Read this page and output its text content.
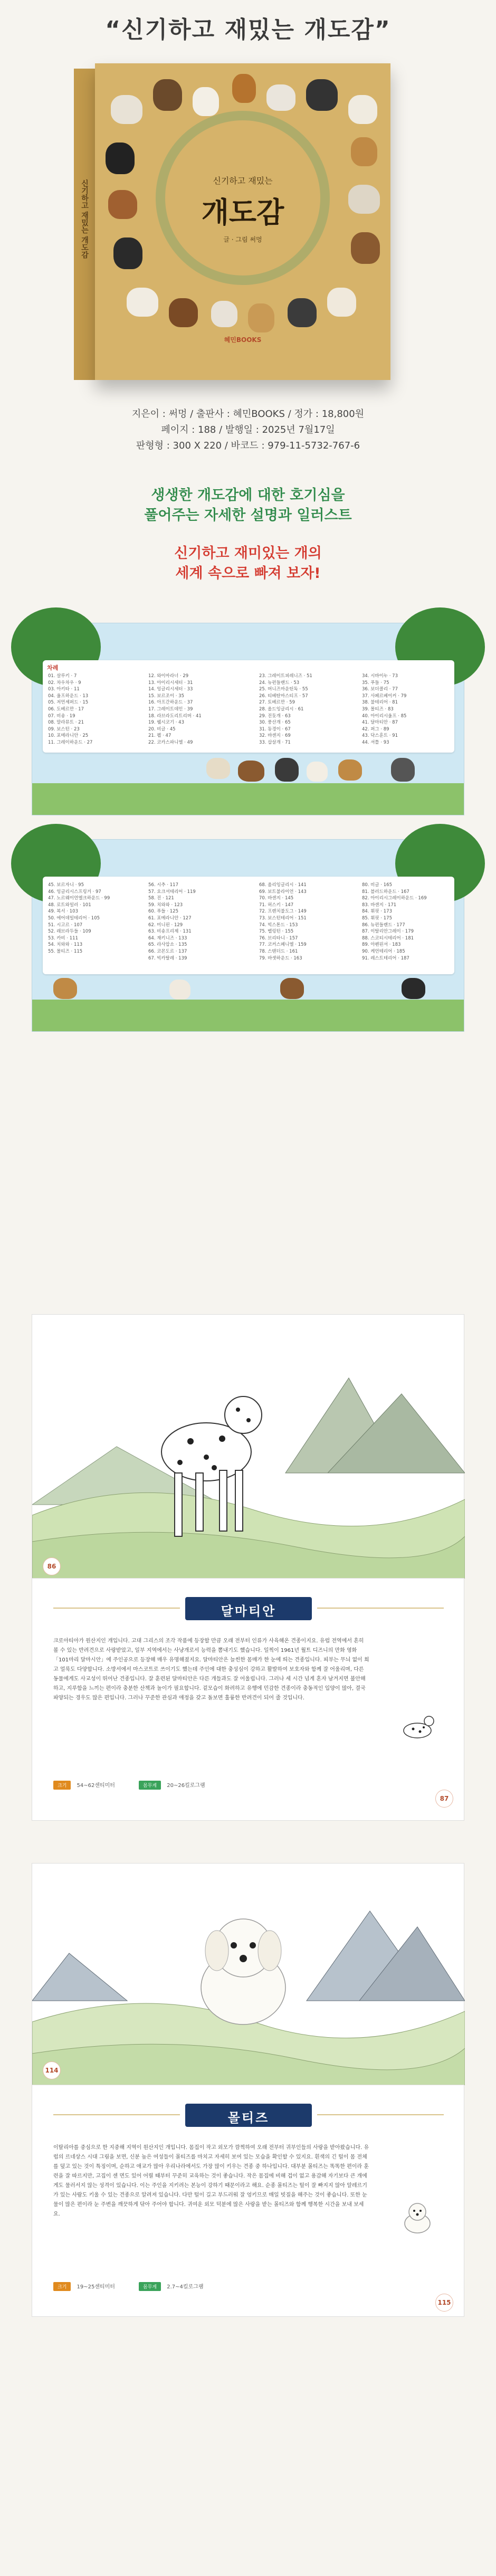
“신기하고 재밌는 개도감”
신기하고 재밌는 개도감	신기하고 재밌는
개도감
글 · 그림 써멍
혜민BOOKS
지은이 : 써멍 / 출판사 : 혜민BOOKS / 정가 : 18,800원
페이지 : 188 / 발행일 : 2025년 7월17일
판형형 : 300 X 220 / 바코드 : 979-11-5732-767-6
생생한 개도감에 대한 호기심을
풀어주는 자세한 설명과 일러스트
신기하고 재미있는 개의
세계 속으로 빠져 보자!
차례
01. 살루키 · 7
02. 차우차우 · 9
03. 아키타 · 11
04. 울프하운드 · 13
05. 저먼셰퍼드 · 15
06. 도베르만 · 17
07. 비숑 · 19
08. 말라뮤트 · 21
09. 보스턴 · 23
10. 포메라니안 · 25
11. 그레이하운드 · 27
12. 와이마라너 · 29
13. 아이리시세터 · 31
14. 잉글리시세터 · 33
15. 보르조이 · 35
16. 아프간하운드 · 37
17. 그레이트데인 · 39
18. 라브라도리트리버 · 41
19. 웰시코기 · 43
20. 비글 · 45
21. 펠 · 47
22. 코카스파니엘 · 49
23. 그레이트피레니즈 · 51
24. 뉴펀들랜드 · 53
25. 버니즈마운틴독 · 55
26. 티베탄마스티프 · 57
27. 토베르만 · 59
28. 올드잉글리시 · 61
29. 진돗개 · 63
30. 풍산개 · 65
31. 동경이 · 67
32. 바센지 · 69
33. 삽살개 · 71
34. 시바이누 · 73
35. 푸들 · 75
36. 보더콜리 · 77
37. 사페르베이커 · 79
38. 불테리어 · 81
39. 몰티즈 · 83
40. 아이리시울프 · 85
41. 달마티안 · 87
42. 퍼그 · 89
43. 닥스훈트 · 91
44. 셔틀 · 93
45. 보르자니 · 95
46. 잉글리시스프링거 · 97
47. 노르웨이언엘크하운드 · 99
48. 로트와일러 · 101
49. 복서 · 103
50. 에어데일테리어 · 105
51. 시고르 · 107
52. 래브라두들 · 109
53. 카비 · 111
54. 치와와 · 113
55. 몰티즈 · 115
56. 시추 · 117
57. 요크셔테리어 · 119
58. 진 · 121
59. 치와와 · 123
60. 푸들 · 125
61. 포메라니안 · 127
62. 미니핀 · 129
63. 비숑프리제 · 131
64. 재키니즈 · 133
65. 라사압소 · 135
66. 코몬도르 · 137
67. 빅카탈레 · 139
68. 올리잉글리시 · 141
69. 보트불라이언 · 143
70. 바센지 · 145
71. 허스키 · 147
72. 프렌치불도그 · 149
73. 보스턴테리어 · 151
74. 빅스톤드 · 153
75. 벨링턴 · 155
76. 브리타니 · 157
77. 코커스페니엘 · 159
78. 스탠더드 · 161
79. 바셋하운드 · 163
80. 비글 · 165
81. 블러드하운드 · 167
82. 아이리시그레이하운드 · 169
83. 바센지 · 171
84. 휘핏 · 173
85. 휘핏 · 175
86. 뉴펀들랜드 · 177
87. 이탈리안그레이 · 179
88. 스코티시테리어 · 181
89. 아펜핀셔 · 183
90. 케언테리어 · 185
91. 레스트테리어 · 187
86
달마티안
크로아티아가 원산지인 개입니다. 고대 그리스의 조각 작품에 등장할 만큼 오래 전부터 인류가 사육해온 견종이지요. 유럽 전역에서 흔히 볼 수 있는 반려견으로 사랑받았고, 일부 지역에서는 사냥개로서 능력을 뽐내기도 했습니다. 일찍이 1961년 월트 디즈니의 만화 영화 「101마리 달마시안」에 주인공으로 등장해 매우 유명해졌지요. 달마티안은 늘씬한 몸매가 한 눈에 띄는 견종입니다. 피부는 무늬 없이 희고 얼룩도 다양합니다. 소방서에서 마스코트로 쓰이기도 했는데 주인에 대한 충성심이 강하고 활발하여 보호자와 함께 잘 어울리며, 다른 동물에게도 사교성이 뛰어난 견종입니다. 잘 훈련된 달마티안은 다른 개들과도 잘 어울립니다. 그러나 세 시간 넘게 혼자 남겨지면 불안해하고, 지루함을 느끼는 편이라 충분한 산책과 놀이가 필요합니다. 겉모습이 화려하고 유행에 민감한 견종이라 충동적인 입양이 많아, 결국 파양되는 경우도 많은 편입니다. 그러나 꾸준한 관심과 애정을 갖고 돌보면 훌륭한 반려견이 되어 줄 것입니다.
크기 54~62센티미터	몸무게 20~26킬로그램
87
114
몰티즈
이탈리아를 중심으로 한 지중해 지역이 원산지인 개입니다. 몸집이 작고 외모가 깜찍하여 오래 전부터 귀부인들의 사랑을 받아왔습니다. 유럽의 르네상스 시대 그림을 보면, 신분 높은 여성들이 몰티즈를 마치고 자세히 보여 있는 모습을 확인할 수 있지요. 흰색의 긴 털이 몸 전체를 덮고 있는 것이 특징이며, 순하고 애교가 많아 우리나라에서도 가장 많이 키우는 견종 중 하나입니다. 대부분 몰티즈는 똑똑한 편이라 훈련을 잘 따르지만, 고집이 센 면도 있어 어릴 때부터 꾸준히 교육하는 것이 좋습니다. 작은 몸집에 비해 겁이 없고 용감해 자기보다 큰 개에게도 물러서지 않는 성격이 있습니다. 이는 주인을 지키려는 본능이 강하기 때문이라고 해요. 순종 몰티즈는 털이 잘 빠지지 않아 알레르기가 있는 사람도 키울 수 있는 견종으로 알려져 있습니다. 다만 털이 길고 부드러워 잘 엉키므로 매일 빗질을 해주는 것이 좋습니다. 또한 눈물이 많은 편이라 눈 주변을 깨끗하게 닦아 주어야 합니다. 귀여운 외모 덕분에 많은 사랑을 받는 몰티즈와 함께 행복한 시간을 보내 보세요.
크기 19~25센티미터	몸무게 2.7~4킬로그램
115
